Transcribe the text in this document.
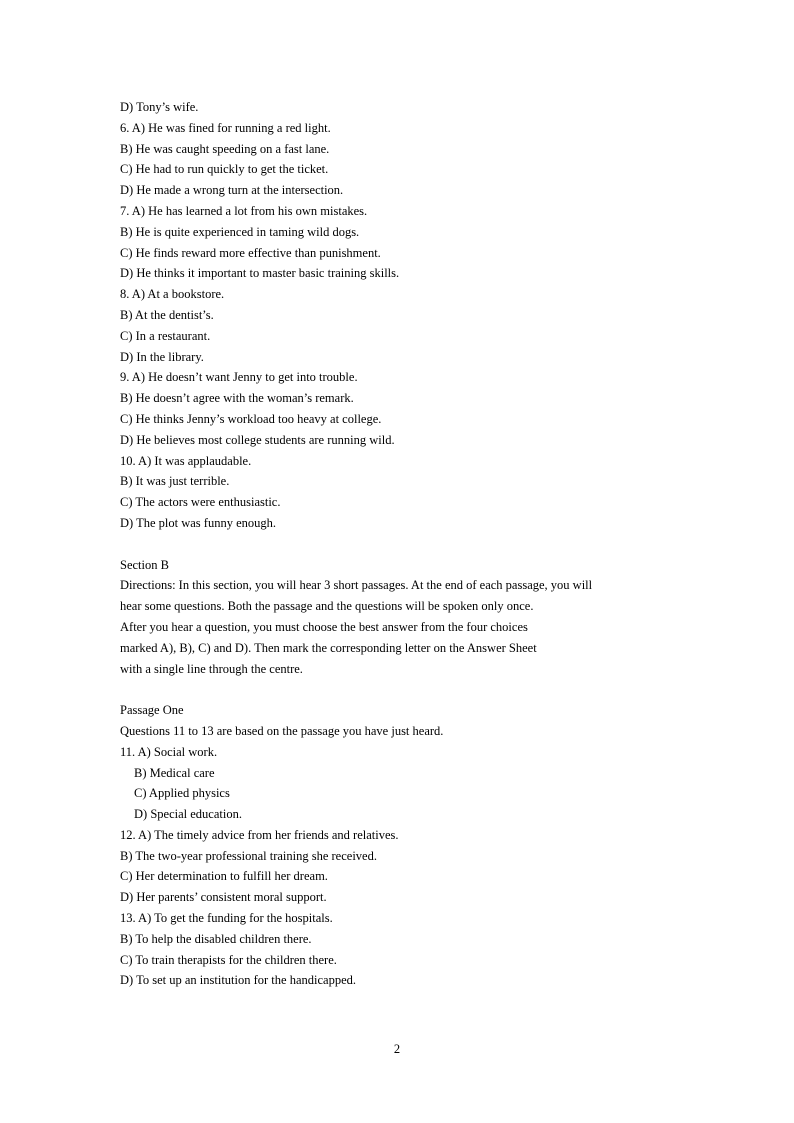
D) Tony’s wife.
6. A) He was fined for running a red light.
B) He was caught speeding on a fast lane.
C) He had to run quickly to get the ticket.
D) He made a wrong turn at the intersection.
7. A) He has learned a lot from his own mistakes.
B) He is quite experienced in taming wild dogs.
C) He finds reward more effective than punishment.
D) He thinks it important to master basic training skills.
8. A) At a bookstore.
B) At the dentist’s.
C) In a restaurant.
D) In the library.
9. A) He doesn’t want Jenny to get into trouble.
B) He doesn’t agree with the woman’s remark.
C) He thinks Jenny’s workload too heavy at college.
D) He believes most college students are running wild.
10. A) It was applaudable.
B) It was just terrible.
C) The actors were enthusiastic.
D) The plot was funny enough.
Section B
Directions: In this section, you will hear 3 short passages. At the end of each passage, you will
hear some questions. Both the passage and the questions will be spoken only once.
After you hear a question, you must choose the best answer from the four choices
marked A), B), C) and D). Then mark the corresponding letter on the Answer Sheet
with a single line through the centre.
Passage One
Questions 11 to 13 are based on the passage you have just heard.
11. A) Social work.
B) Medical care
C) Applied physics
D) Special education.
12. A) The timely advice from her friends and relatives.
B) The two-year professional training she received.
C) Her determination to fulfill her dream.
D) Her parents’ consistent moral support.
13. A) To get the funding for the hospitals.
B) To help the disabled children there.
C) To train therapists for the children there.
D) To set up an institution for the handicapped.
2
